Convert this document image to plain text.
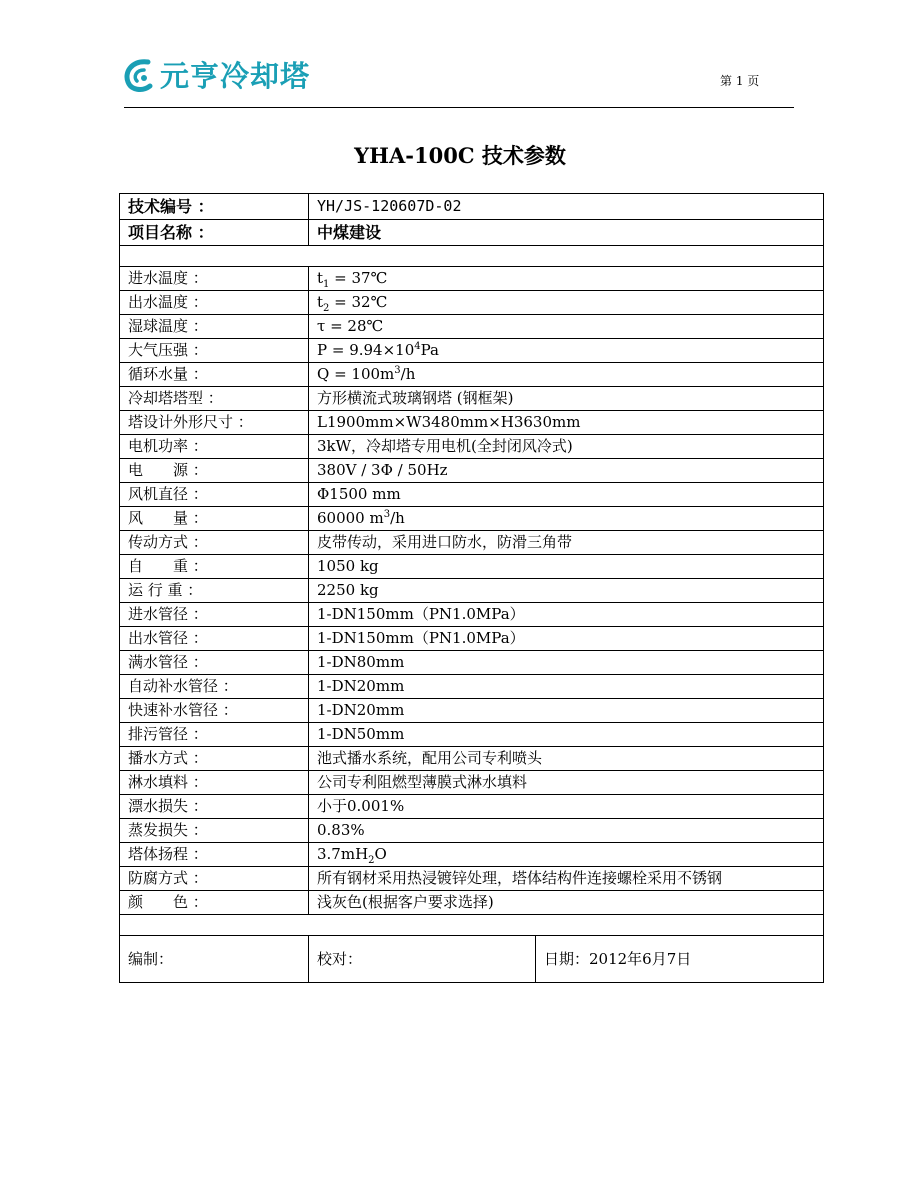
元亨冷却塔	第 1 页
YHA-100C 技术参数
技术编号 ：	YH/JS-120607D-02	
项目名称 ：	中煤建设	

进水温度 ：	$t_1$ = 37℃	
出水温度 ：	$t_2$ = 32℃	
湿球温度 ：	τ = 28℃	
大气压强 ：	$P = 9.94\times 10^4Pa$	
循环水量 ：	$Q = 100m^3/h$	
冷却塔塔型 ：	方形横流式玻璃钢塔 (钢框架)	
塔设计外形尺寸 ：	L1900mm×W3480mm×H3630mm	
电机功率 ：	3kW，冷却塔专用电机(全封闭风冷式)	
电　　源 ：	380V / 3Φ / 50Hz	
风机直径 ：	Φ1500 mm	
风　　量 ：	60000 $m^3/h$	
传动方式 ：	皮带传动，采用进口防水，防滑三角带	
自　　重 ：	1050 kg	
运 行 重 ：	2250 kg	
进水管径 ：	1-DN150mm（PN1.0MPa）	
出水管径 ：	1-DN150mm（PN1.0MPa）	
满水管径 ：	1-DN80mm	
自动补水管径 ：	1-DN20mm	
快速补水管径 ：	1-DN20mm	
排污管径 ：	1-DN50mm	
播水方式 ：	池式播水系统，配用公司专利喷头	
淋水填料 ：	公司专利阻燃型薄膜式淋水填料	
漂水损失 ：	小于0.001%	
蒸发损失 ：	0.83%	
塔体扬程 ：	$3.7mH_2O$	
防腐方式 ：	所有钢材采用热浸镀锌处理，塔体结构件连接螺栓采用不锈钢	
颜　　色 ：	浅灰色(根据客户要求选择)	

编制：	校对：	日期：2012年6月7日
